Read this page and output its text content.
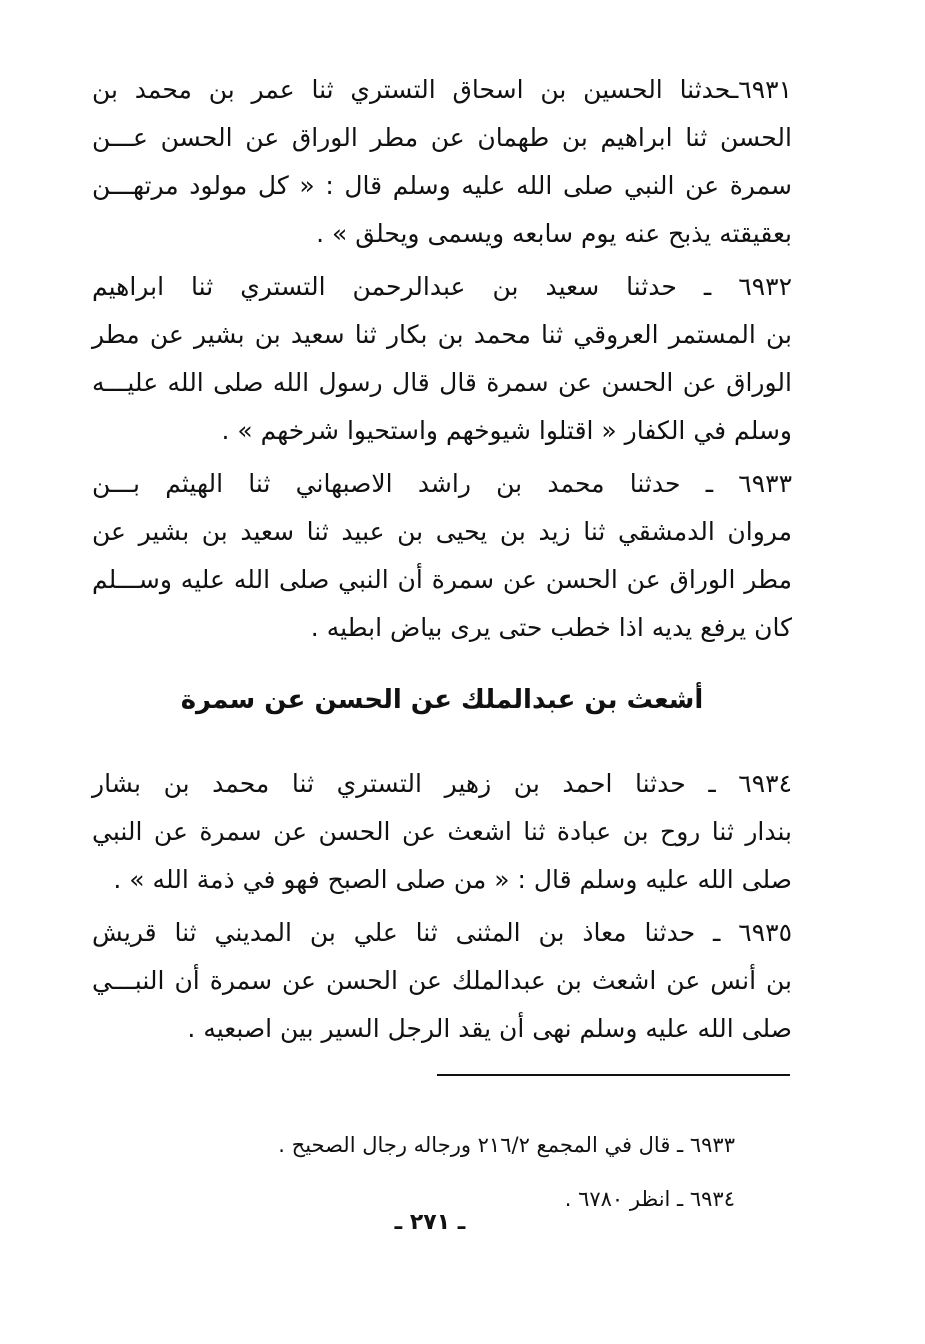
٦٩٣١ـحدثنا الحسين بن اسحاق التستري ثنا عمر بن محمد بن
الحسن ثنا ابراهيم بن طهمان عن مطر الوراق عن الحسن عـــن
سمرة عن النبي صلى الله عليه وسلم قال : « كل مولود مرتهـــن
بعقيقته يذبح عنه يوم سابعه ويسمى ويحلق » .
٦٩٣٢ ـ حدثنا سعيد بن عبدالرحمن التستري ثنا ابراهيم
بن المستمر العروقي ثنا محمد بن بكار ثنا سعيد بن بشير عن مطر
الوراق عن الحسن عن سمرة قال قال رسول الله صلى الله عليـــه
وسلم في الكفار « اقتلوا شيوخهم واستحيوا شرخهم » .
٦٩٣٣ ـ حدثنا محمد بن راشد الاصبهاني ثنا الهيثم بـــن
مروان الدمشقي ثنا زيد بن يحيى بن عبيد ثنا سعيد بن بشير عن
مطر الوراق عن الحسن عن سمرة أن النبي صلى الله عليه وســـلم
كان يرفع يديه اذا خطب حتى يرى بياض ابطيه .
أشعث بن عبدالملك عن الحسن عن سمرة
٦٩٣٤ ـ حدثنا احمد بن زهير التستري ثنا محمد بن بشار
بندار ثنا روح بن عبادة ثنا اشعث عن الحسن عن سمرة عن النبي
صلى الله عليه وسلم قال : « من صلى الصبح فهو في ذمة الله » .
٦٩٣٥ ـ حدثنا معاذ بن المثنى ثنا علي بن المديني ثنا قريش
بن أنس عن اشعث بن عبدالملك عن الحسن عن سمرة أن النبـــي
صلى الله عليه وسلم نهى أن يقد الرجل السير بين اصبعيه .
٦٩٣٣ ـ قال في المجمع ٢١٦/٢ ورجاله رجال الصحيح .
٦٩٣٤ ـ انظر ٦٧٨٠ .
ـ ٢٧١ ـ
